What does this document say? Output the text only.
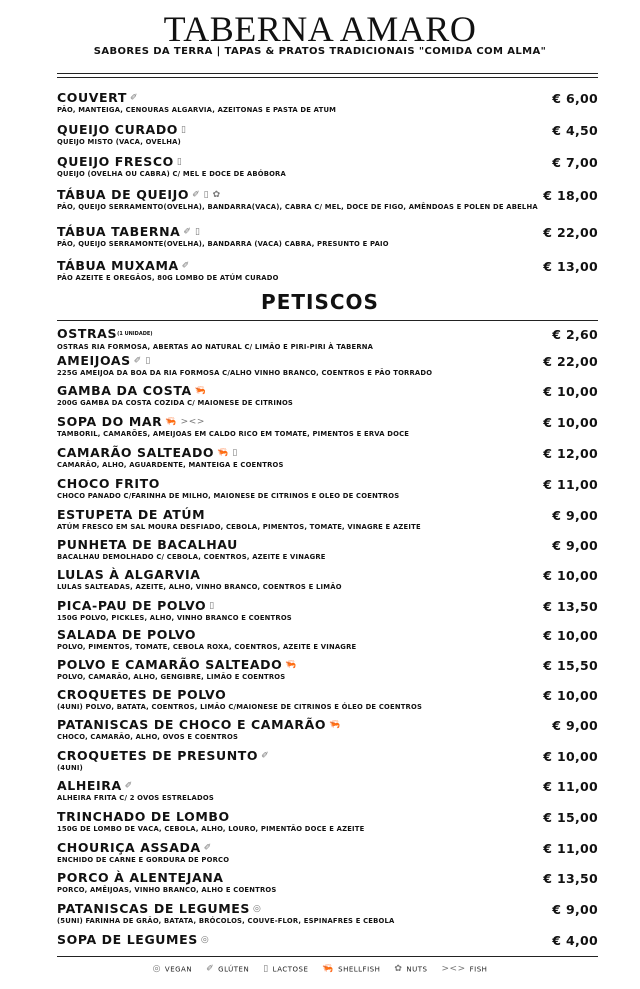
TABERNA AMARO
SABORES DA TERRA | TAPAS & PRATOS TRADICIONAIS "COMIDA COM ALMA"
COUVERT ✐
PÃO, MANTEIGA, CENOURAS ALGARVIA, AZEITONAS E PASTA DE ATUM
€ 6,00
QUEIJO CURADO ▯
QUEIJO MISTO (VACA, OVELHA)
€ 4,50
QUEIJO FRESCO ▯
QUEIJO (OVELHA OU CABRA) C/ MEL E DOCE DE ABÓBORA
€ 7,00
TÁBUA DE QUEIJO ✐ ▯ ✿
PÃO, QUEIJO SERRAMENTO(OVELHA), BANDARRA(VACA), CABRA C/ MEL, DOCE DE FIGO, AMÊNDOAS E POLEN DE ABELHA
€ 18,00
TÁBUA TABERNA ✐ ▯
PÃO, QUEIJO SERRAMONTE(OVELHA), BANDARRA (VACA) CABRA, PRESUNTO E PAIO
€ 22,00
TÁBUA MUXAMA ✐
PÃO AZEITE E OREGÃOS, 80G LOMBO DE ATÚM CURADO
€ 13,00
PETISCOS
OSTRAS(1 UNIDADE)
OSTRAS RIA FORMOSA, ABERTAS AO NATURAL C/ LIMÃO E PIRI-PIRI À TABERNA
€ 2,60
AMEIJOAS ✐ ▯
225G AMEIJOA DA BOA DA RIA FORMOSA C/ALHO VINHO BRANCO, COENTROS E PÃO TORRADO
€ 22,00
GAMBA DA COSTA 🦐
200G GAMBA DA COSTA COZIDA C/ MAIONESE DE CITRINOS
€ 10,00
SOPA DO MAR 🦐 ><>
TAMBORIL, CAMARÕES, AMEIJOAS EM CALDO RICO EM TOMATE, PIMENTOS E ERVA DOCE
€ 10,00
CAMARÃO SALTEADO 🦐 ▯
CAMARÃO, ALHO, AGUARDENTE, MANTEIGA E COENTROS
€ 12,00
CHOCO FRITO
CHOCO PANADO C/FARINHA DE MILHO, MAIONESE DE CITRINOS E OLEO DE COENTROS
€ 11,00
ESTUPETA DE ATÚM
ATÚM FRESCO EM SAL MOURA DESFIADO, CEBOLA, PIMENTOS, TOMATE, VINAGRE E AZEITE
€ 9,00
PUNHETA DE BACALHAU
BACALHAU DEMOLHADO C/ CEBOLA, COENTROS, AZEITE E VINAGRE
€ 9,00
LULAS À ALGARVIA
LULAS SALTEADAS, AZEITE, ALHO, VINHO BRANCO, COENTROS E LIMÃO
€ 10,00
PICA-PAU DE POLVO ▯
150G POLVO, PICKLES, ALHO, VINHO BRANCO E COENTROS
€ 13,50
SALADA DE POLVO
POLVO, PIMENTOS, TOMATE, CEBOLA ROXA, COENTROS, AZEITE E VINAGRE
€ 10,00
POLVO E CAMARÃO SALTEADO 🦐
POLVO, CAMARÃO, ALHO, GENGIBRE, LIMÃO E COENTROS
€ 15,50
CROQUETES DE POLVO
(4UNI) POLVO, BATATA, COENTROS, LIMÃO C/MAIONESE DE CITRINOS E ÓLEO DE COENTROS
€ 10,00
PATANISCAS DE CHOCO E CAMARÃO 🦐
CHOCO, CAMARÃO, ALHO, OVOS E COENTROS
€ 9,00
CROQUETES DE PRESUNTO ✐
(4UNI)
€ 10,00
ALHEIRA ✐
ALHEIRA FRITA C/ 2 OVOS ESTRELADOS
€ 11,00
TRINCHADO DE LOMBO
150G DE LOMBO DE VACA, CEBOLA, ALHO, LOURO, PIMENTÃO DOCE E AZEITE
€ 15,00
CHOURIÇA ASSADA ✐
ENCHIDO DE CARNE E GORDURA DE PORCO
€ 11,00
PORCO À ALENTEJANA
PORCO, AMÊIJOAS, VINHO BRANCO, ALHO E COENTROS
€ 13,50
PATANISCAS DE LEGUMES ◎
(5UNI) FARINHA DE GRÃO, BATATA, BRÓCOLOS, COUVE-FLOR, ESPINAFRES E CEBOLA
€ 9,00
SOPA DE LEGUMES ◎	€ 4,00
◎ VEGAN ✐ GLÚTEN ▯ LACTOSE 🦐 SHELLFISH ✿ NUTS ><> FISH
